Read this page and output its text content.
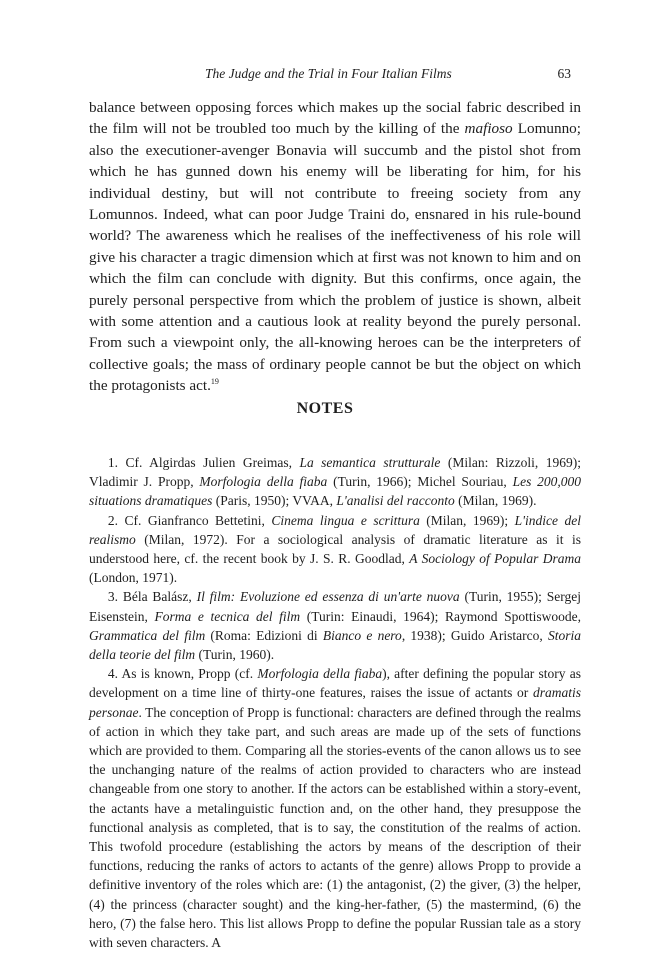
The Judge and the Trial in Four Italian Films	63

balance between opposing forces which makes up the social fabric described in the film will not be troubled too much by the killing of the mafioso Lomunno; also the executioner-avenger Bonavia will succumb and the pistol shot from which he has gunned down his enemy will be liberating for him, for his individual destiny, but will not contribute to freeing society from any Lomunnos. Indeed, what can poor Judge Traini do, ensnared in his rule-bound world? The awareness which he realises of the ineffectiveness of his role will give his character a tragic dimension which at first was not known to him and on which the film can conclude with dignity. But this confirms, once again, the purely personal perspective from which the problem of justice is shown, albeit with some attention and a cautious look at reality beyond the purely personal. From such a viewpoint only, the all-knowing heroes can be the interpreters of collective goals; the mass of ordinary people cannot be but the object on which the protagonists act.$^{19}$

NOTES

1. Cf. Algirdas Julien Greimas, La semantica strutturale (Milan: Rizzoli, 1969); Vladimir J. Propp, Morfologia della fiaba (Turin, 1966); Michel Souriau, Les 200,000 situations dramatiques (Paris, 1950); VVAA, L'analisi del racconto (Milan, 1969).

2. Cf. Gianfranco Bettetini, Cinema lingua e scrittura (Milan, 1969); L'indice del realismo (Milan, 1972). For a sociological analysis of dramatic literature as it is understood here, cf. the recent book by J. S. R. Goodlad, A Sociology of Popular Drama (London, 1971).

3. Béla Balász, Il film: Evoluzione ed essenza di un'arte nuova (Turin, 1955); Sergej Eisenstein, Forma e tecnica del film (Turin: Einaudi, 1964); Raymond Spottiswoode, Grammatica del film (Roma: Edizioni di Bianco e nero, 1938); Guido Aristarco, Storia della teorie del film (Turin, 1960).

4. As is known, Propp (cf. Morfologia della fiaba), after defining the popular story as development on a time line of thirty-one features, raises the issue of actants or dramatis personae. The conception of Propp is functional: characters are defined through the realms of action in which they take part, and such areas are made up of the sets of functions which are provided to them. Comparing all the stories-events of the canon allows us to see the unchanging nature of the realms of action provided to characters who are instead changeable from one story to another. If the actors can be established within a story-event, the actants have a metalinguistic function and, on the other hand, they presuppose the functional analysis as completed, that is to say, the constitution of the realms of action. This twofold procedure (establishing the actors by means of the description of their functions, reducing the ranks of actors to actants of the genre) allows Propp to provide a definitive inventory of the roles which are: (1) the antagonist, (2) the giver, (3) the helper, (4) the princess (character sought) and the king-her-father, (5) the mastermind, (6) the hero, (7) the false hero. This list allows Propp to define the popular Russian tale as a story with seven characters. A
